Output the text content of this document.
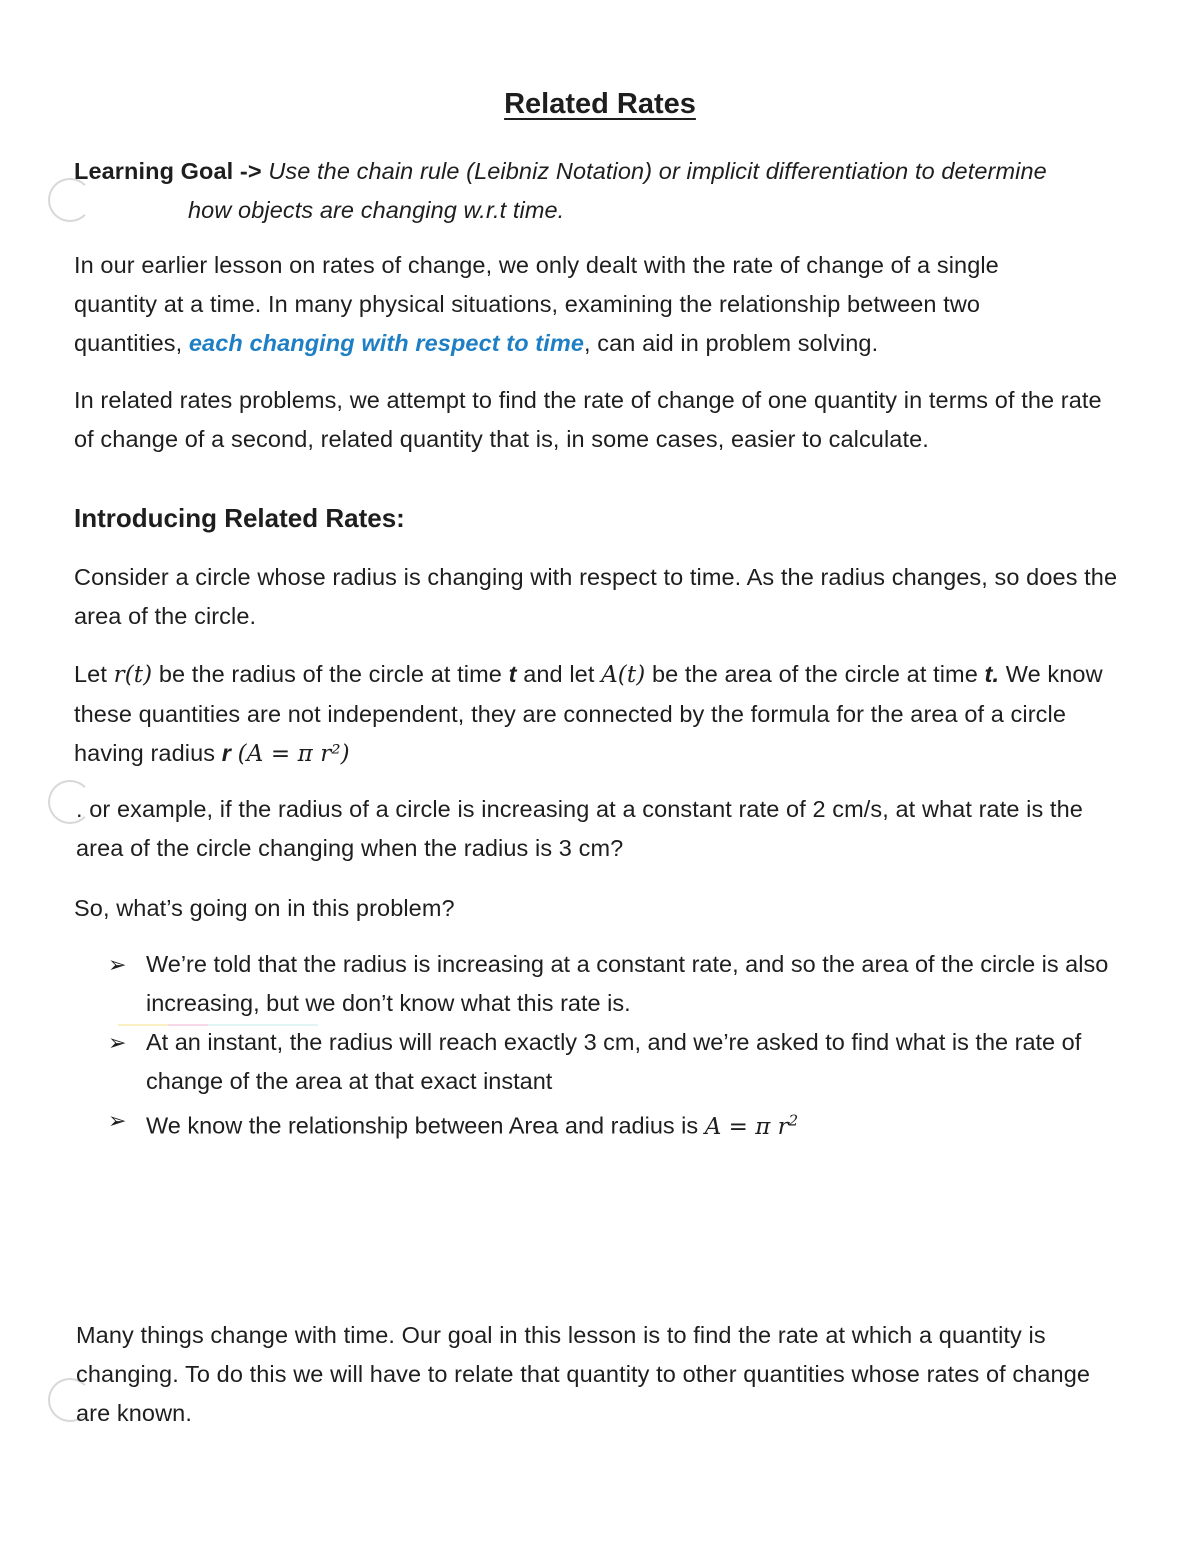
Related Rates
Learning Goal -> Use the chain rule (Leibniz Notation) or implicit differentiation to determine
how objects are changing w.r.t time.
In our earlier lesson on rates of change, we only dealt with the rate of change of a single quantity at a time. In many physical situations, examining the relationship between two quantities, each changing with respect to time, can aid in problem solving.
In related rates problems, we attempt to find the rate of change of one quantity in terms of the rate of change of a second, related quantity that is, in some cases, easier to calculate.
Introducing Related Rates:
Consider a circle whose radius is changing with respect to time. As the radius changes, so does the area of the circle.
Let r(t) be the radius of the circle at time t and let A(t) be the area of the circle at time t. We know these quantities are not independent, they are connected by the formula for the area of a circle having radius r (A = π r²)
. or example, if the radius of a circle is increasing at a constant rate of 2 cm/s, at what rate is the area of the circle changing when the radius is 3 cm?
So, what’s going on in this problem?
➢ We’re told that the radius is increasing at a constant rate, and so the area of the circle is also increasing, but we don’t know what this rate is.
➢ At an instant, the radius will reach exactly 3 cm, and we’re asked to find what is the rate of change of the area at that exact instant
➢ We know the relationship between Area and radius is A = π $r^2$
Many things change with time. Our goal in this lesson is to find the rate at which a quantity is changing. To do this we will have to relate that quantity to other quantities whose rates of change are known.
